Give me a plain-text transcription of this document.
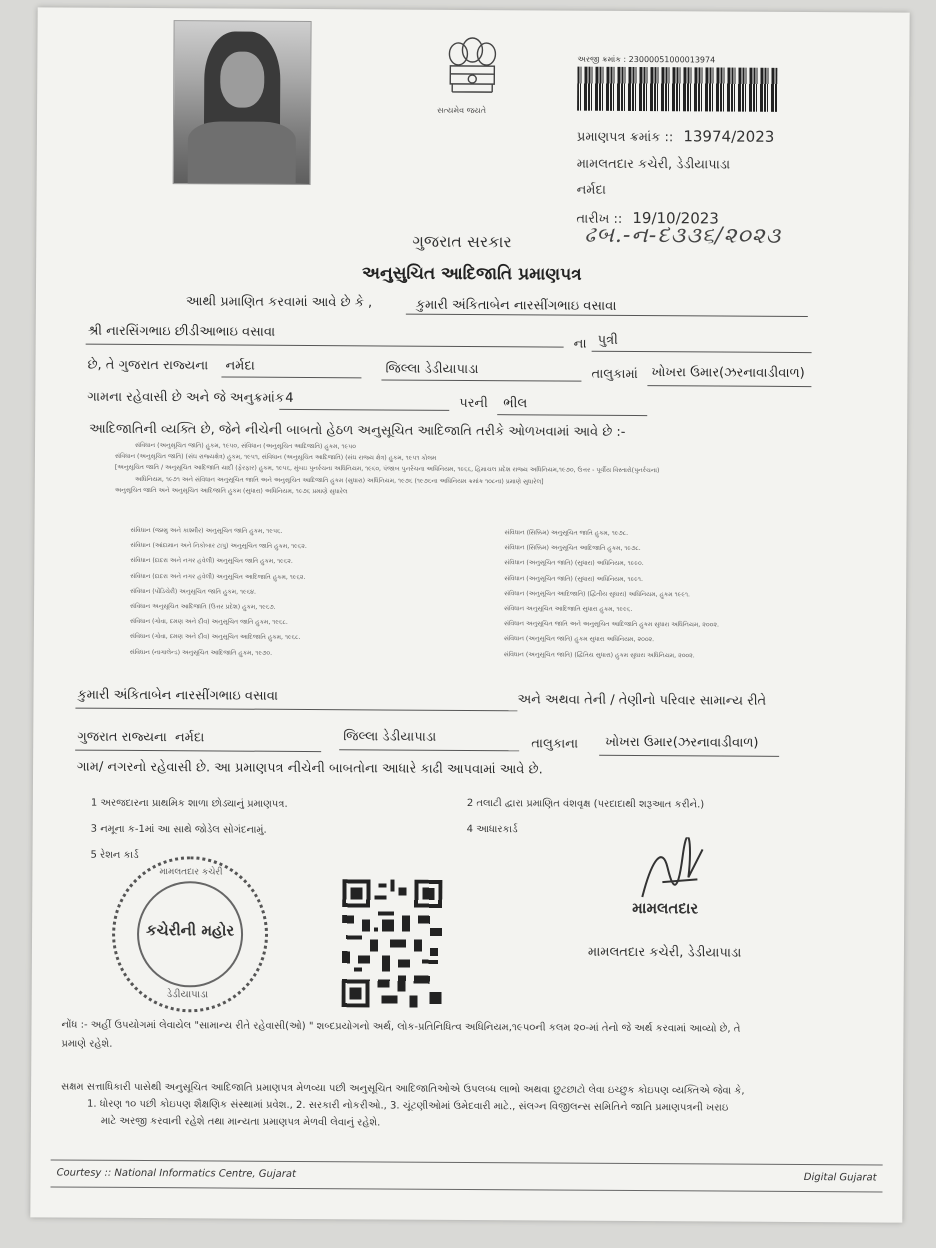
સત્યમેવ જયતે
અરજી ક્રમાંક : 23000051000013974
પ્રમાણપત્ર ક્રમાંક :: 13974/2023
મામલતદાર કચેરી, ડેડીયાપાડા
નર્મદા
તારીખ :: 19/10/2023
ઢબ.-ન-દ૩૩૬/૨૦૨૩
ગુજરાત સરકાર
અનુસુચિત આદિજાતિ પ્રમાણપત્ર
આથી પ્રમાણિત કરવામાં આવે છે કે ,	કુમારી અંકિતાબેન નારસીંગભાઇ વસાવા
શ્રી નારસિંગભાઇ છીડીઆભાઇ વસાવા
ના પુત્રી
છે, તે ગુજરાત રાજ્યના નર્મદા	જિલ્લા ડેડીયાપાડા	તાલુકામાં ખોખરા ઉમાર(ઝરનાવાડીવાળ)
ગામના રહેવાસી છે અને જે અનુક્રમાંક 4	પરની ભીલ
આદિજાતિની વ્યક્તિ છે, જેને નીચેની બાબતો હેઠળ અનુસૂચિત આદિજાતિ તરીકે ઓળખવામાં આવે છે :-
સંવિધાન (અનુસૂચિત જાતિ) હુકમ, ૧૯૫૦, સંવિધાન (અનુસૂચિત આદિજાતિ) હુકમ, ૧૯૫૦
સંવિધાન (અનુસૂચિત જાતિ) (સંઘ રાજ્યક્ષેત્ર) હુકમ, ૧૯૫૧, સંવિધાન (અનુસૂચિત આદિજાતિ) (સંઘ રાજ્ય ક્ષેત્ર) હુકમ, ૧૯૫૧ કોલમ
[અનુસૂચિત જાતિ / અનુસૂચિત આદિજાતિ યાદી (ફેરફાર) હુકમ, ૧૯૫૬, મુંબઇ પુનર્રચના અધિનિયમ, ૧૯૬૦, પંજાબ પુનર્રચના અધિનિયમ, ૧૯૬૬, હિમાચલ પ્રદેશ રાજ્ય અધિનિયમ,૧૯૭૦, ઉત્તર - પૂર્વીય વિસ્તારો(પુનર્રચના)
અધિનિયમ, ૧૯૭૧ અને સંવિધાન અનુસૂચિત જાતિ અને અનુસૂચિત આદિજાતિ હુકમ (સુધારા) અધિનિયમ, ૧૯૭૬ (૧૯૭૬ના અધિનિયમ ક્રમાંક ૧૦૮ના) પ્રમાણે સુધારેલ]
અનુસૂચિત જાતિ અને અનુસૂચિત આદિજાતિ હુકમ (સુધારા) અધિનિયમ, ૧૯૭૬ પ્રમાણે સુધારેલ
સંવિધાન (જમ્મુ અને કાશ્મીર) અનુસૂચિત જાતિ હુકમ, ૧૯૫૬.
સંવિધાન (આંદામાન અને નિકોબાર ટાપુ) અનુસૂચિત જાતિ હુકમ, ૧૯૬૨.
સંવિધાન (દાદરા અને નગર હવેલી) અનુસૂચિત જાતિ હુકમ, ૧૯૬૨.
સંવિધાન (દાદરા અને નગર હવેલી) અનુસૂચિત આદિજાતિ હુકમ, ૧૯૬૨.
સંવિધાન (પોંડિચેરી) અનુસૂચિત જાતિ હુકમ, ૧૯૬૪.
સંવિધાન અનુસૂચિત આદિજાતિ (ઉત્તર પ્રદેશ) હુકમ, ૧૯૬૭.
સંવિધાન (ગોવા, દમણ અને દીવ) અનુસૂચિત જાતિ હુકમ, ૧૯૬૮.
સંવિધાન (ગોવા, દમણ અને દીવ) અનુસૂચિત આદિજાતિ હુકમ, ૧૯૬૮.
સંવિધાન (નાગાલેન્ડ) અનુસૂચિત આદિજાતિ હુકમ, ૧૯૭૦.
સંવિધાન (સિક્કિમ) અનુસૂચિત જાતિ હુકમ, ૧૯૭૮.
સંવિધાન (સિક્કિમ) અનુસૂચિત આદિજાતિ હુકમ, ૧૯૭૮.
સંવિધાન (અનુસૂચિત જાતિ) (સુધારા) અધિનિયમ, ૧૯૯૦.
સંવિધાન (અનુસૂચિત જાતિ) (સુધારા) અધિનિયમ, ૧૯૯૧.
સંવિધાન (અનુસૂચિત આદિજાતિ) (દ્વિતીય સુધારા) અધિનિયમ, હુકમ ૧૯૯૧.
સંવિધાન અનુસૂચિત આદિજાતિ સુધારા હુકમ, ૧૯૯૬.
સંવિધાન અનુસૂચિત જાતિ અને અનુસૂચિત આદિજાતિ હુકમ સુધારા અધિનિયમ, ૨૦૦૨.
સંવિધાન (અનુસૂચિત જાતિ) હુકમ સુધારા અધિનિયમ, ૨૦૦૨.
સંવિધાન (અનુસૂચિત જાતિ) (દ્વિતિય સુધારા) હુકમ સુધારા અધિનિયમ, ૨૦૦૨.
કુમારી અંકિતાબેન નારસીંગભાઇ વસાવા	અને અથવા તેની / તેણીનો પરિવાર સામાન્ય રીતે
ગુજરાત રાજ્યના નર્મદા	જિલ્લા ડેડીયાપાડા	તાલુકાના ખોખરા ઉમાર(ઝરનાવાડીવાળ)
ગામ/ નગરનો રહેવાસી છે. આ પ્રમાણપત્ર નીચેની બાબતોના આધારે કાઢી આપવામાં આવે છે.
1 અરજદારના પ્રાથમિક શાળા છોડ્યાનું પ્રમાણપત્ર.	2 તલાટી દ્વારા પ્રમાણિત વંશવૃક્ષ (પરદાદાથી શરૂઆત કરીને.)
3 નમૂના ક-1માં આ સાથે જોડેલ સોગંદનામું.	4 આધારકાર્ડ
5 રેશન કાર્ડ
મામલતદાર કચેરી
કચેરીની મહોર
ડેડીયાપાડા
મામલતદાર
મામલતદાર કચેરી, ડેડીયાપાડા
નોંધ :- અહીં ઉપયોગમાં લેવાયેલ "સામાન્ય રીતે રહેવાસી(ઓ) " શબ્દપ્રયોગનો અર્થ, લોક-પ્રતિનિધિત્વ અધિનિયમ,૧૯૫૦ની કલમ ૨૦-માં તેનો જે અર્થ કરવામાં આવ્યો છે, તે
પ્રમાણે રહેશે.
સક્ષમ સત્તાધિકારી પાસેથી અનુસૂચિત આદિજાતિ પ્રમાણપત્ર મેળવ્યા પછી અનુસૂચિત આદિજાતિઓએ ઉપલબ્ધ લાભો અથવા છુટછાટો લેવા ઇચ્છુક કોઇપણ વ્યક્તિએ જેવા કે,
1. ધોરણ ૧૦ પછી કોઇપણ શૈક્ષણિક સંસ્થામાં પ્રવેશ., 2. સરકારી નોકરીઓ., 3. ચૂંટણીઓમાં ઉમેદવારી માટે., સંલગ્ન વિજીલન્સ સમિતિને જાતિ પ્રમાણપત્રની ખરાઇ
માટે અરજી કરવાની રહેશે તથા માન્યતા પ્રમાણપત્ર મેળવી લેવાનું રહેશે.
Courtesy :: National Informatics Centre, Gujarat	Digital Gujarat
